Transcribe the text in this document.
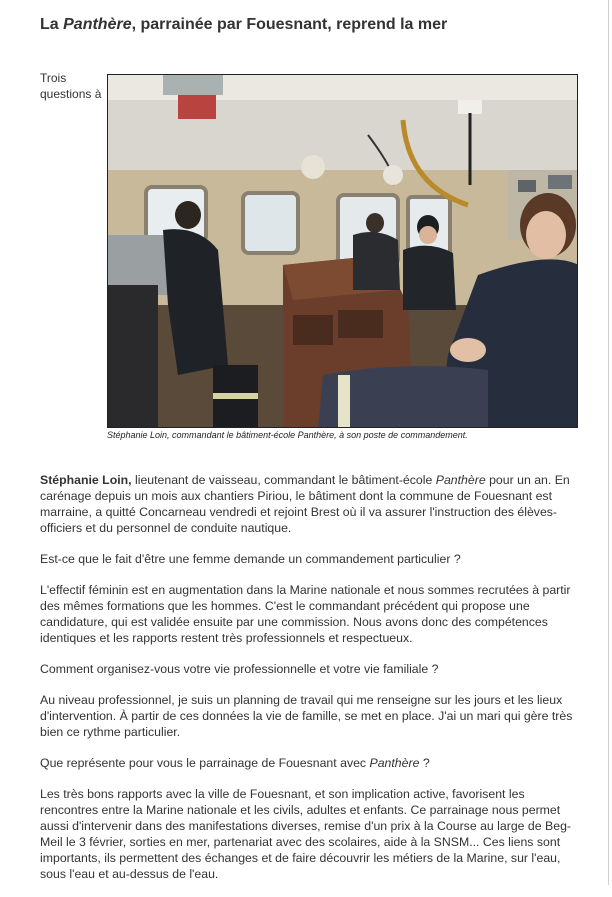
La Panthère, parrainée par Fouesnant, reprend la mer
Trois questions à
Stéphanie Loin, commandant le bâtiment-école Panthère, à son poste de commandement.

Stéphanie Loin, lieutenant de vaisseau, commandant le bâtiment-école Panthère pour un an. En carénage depuis un mois aux chantiers Piriou, le bâtiment dont la commune de Fouesnant est marraine, a quitté Concarneau vendredi et rejoint Brest où il va assurer l'instruction des élèves-officiers et du personnel de conduite nautique.

Est-ce que le fait d'être une femme demande un commandement particulier ?

L'effectif féminin est en augmentation dans la Marine nationale et nous sommes recrutées à partir des mêmes formations que les hommes. C'est le commandant précédent qui propose une candidature, qui est validée ensuite par une commission. Nous avons donc des compétences identiques et les rapports restent très professionnels et respectueux.

Comment organisez-vous votre vie professionnelle et votre vie familiale ?

Au niveau professionnel, je suis un planning de travail qui me renseigne sur les jours et les lieux d'intervention. À partir de ces données la vie de famille, se met en place. J'ai un mari qui gère très bien ce rythme particulier.

Que représente pour vous le parrainage de Fouesnant avec Panthère ?

Les très bons rapports avec la ville de Fouesnant, et son implication active, favorisent les rencontres entre la Marine nationale et les civils, adultes et enfants. Ce parrainage nous permet aussi d'intervenir dans des manifestations diverses, remise d'un prix à la Course au large de Beg-Meil le 3 février, sorties en mer, partenariat avec des scolaires, aide à la SNSM... Ces liens sont importants, ils permettent des échanges et de faire découvrir les métiers de la Marine, sur l'eau, sous l'eau et au-dessus de l'eau.
